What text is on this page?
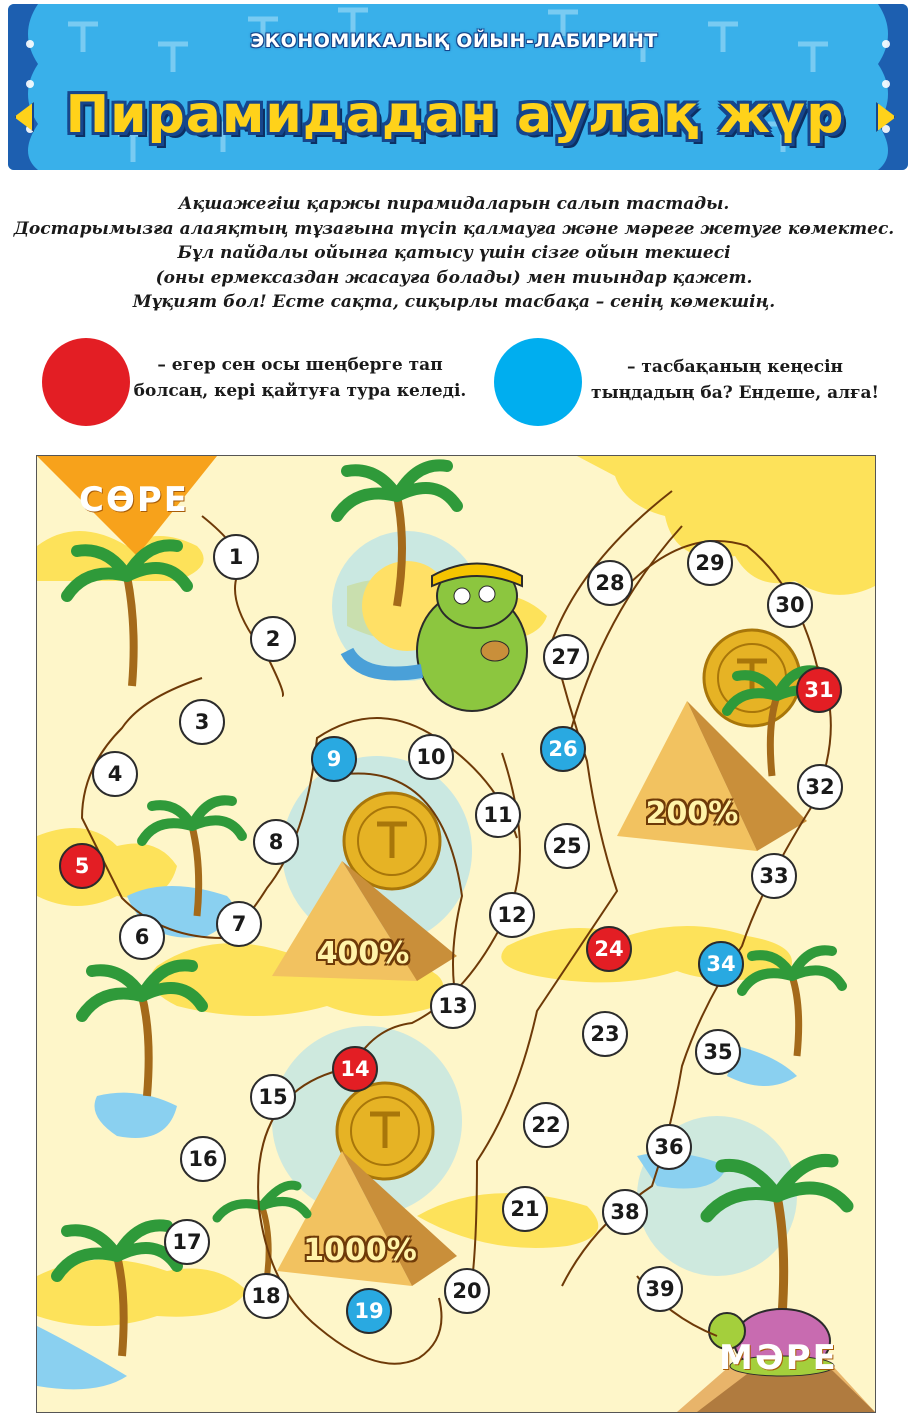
ЭКОНОМИКАЛЫҚ ОЙЫН-ЛАБИРИНТ
Пирамидадан аулақ жүр
Ақшажегіш қаржы пирамидаларын салып тастады.
Достарымызға алаяқтың тұзағына түсіп қалмауға және мәреге жетуге көмектес.
Бұл пайдалы ойынға қатысу үшін сізге ойын текшесі
(оны ермексаздан жасауға болады) мен тиындар қажет.
Мұқият бол! Есте сақта, сиқырлы тасбақа – сенің көмекшің.
– егер сен осы шеңберге тап
болсаң, кері қайтуға тура келеді.
– тасбақаның кеңесін
тыңдадың ба? Ендеше, алға!
СӨРЕ
МӘРЕ
200%
400%
1000%
1
2
3
4
5
6
7
8
9	10
11
12
13
14
15
16
17
18
19
20
21
22
23
24
25
26
27
28
29
30
31
32
33
34
35
36
38
39
